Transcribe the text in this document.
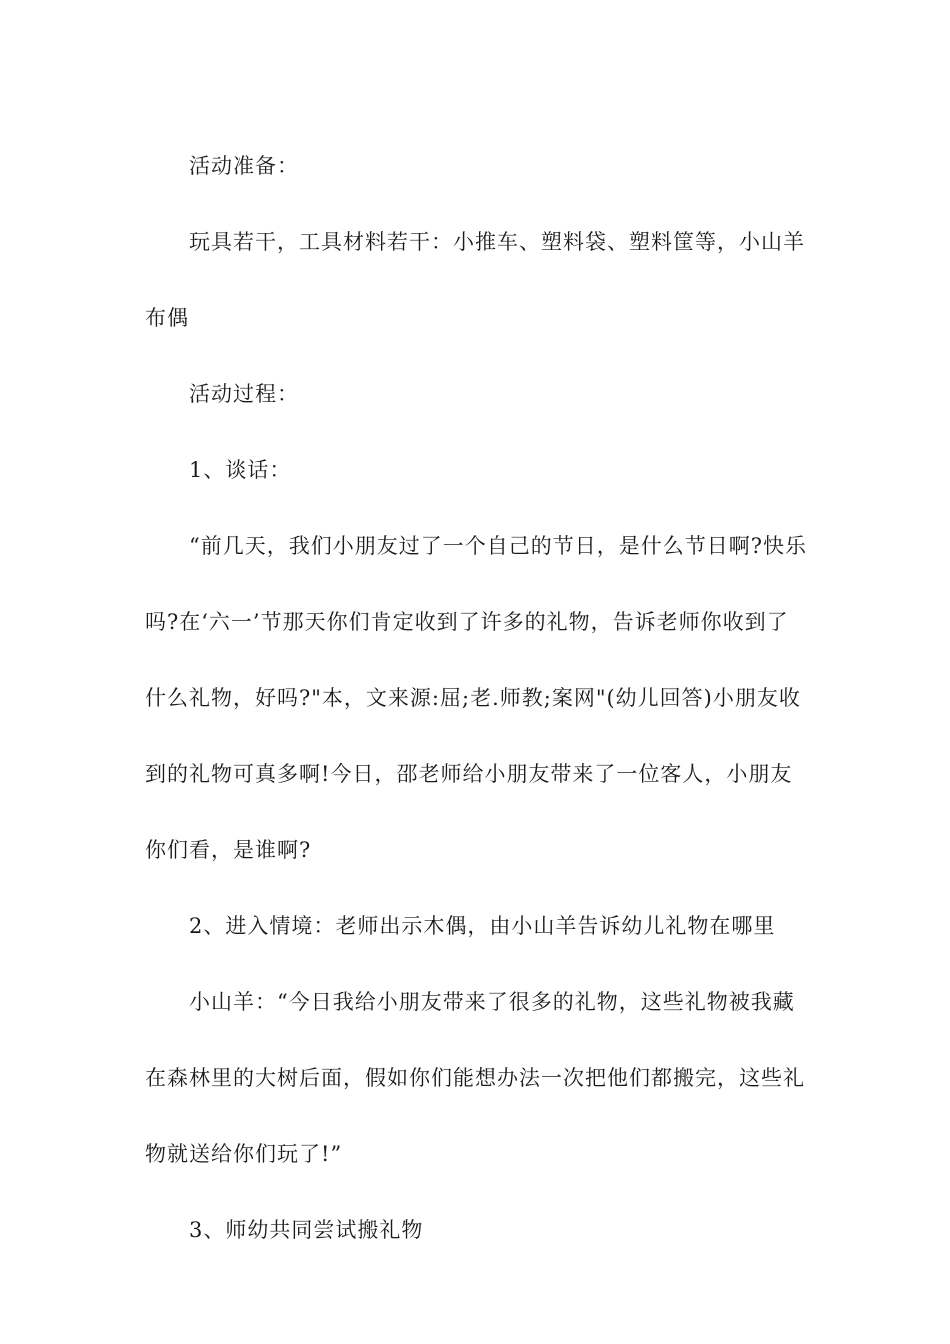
活动准备：

玩具若干，工具材料若干：小推车、塑料袋、塑料筐等，小山羊布偶

活动过程：

1、谈话：

“前几天，我们小朋友过了一个自己的节日，是什么节日啊?快乐吗?在‘六一’节那天你们肯定收到了许多的礼物，告诉老师你收到了什么礼物，好吗?"本，文来源:屈;老.师教;案网"(幼儿回答)小朋友收到的礼物可真多啊!今日，邵老师给小朋友带来了一位客人，小朋友你们看，是谁啊?

2、进入情境：老师出示木偶，由小山羊告诉幼儿礼物在哪里

小山羊：“今日我给小朋友带来了很多的礼物，这些礼物被我藏在森林里的大树后面，假如你们能想办法一次把他们都搬完，这些礼物就送给你们玩了!”

3、师幼共同尝试搬礼物
